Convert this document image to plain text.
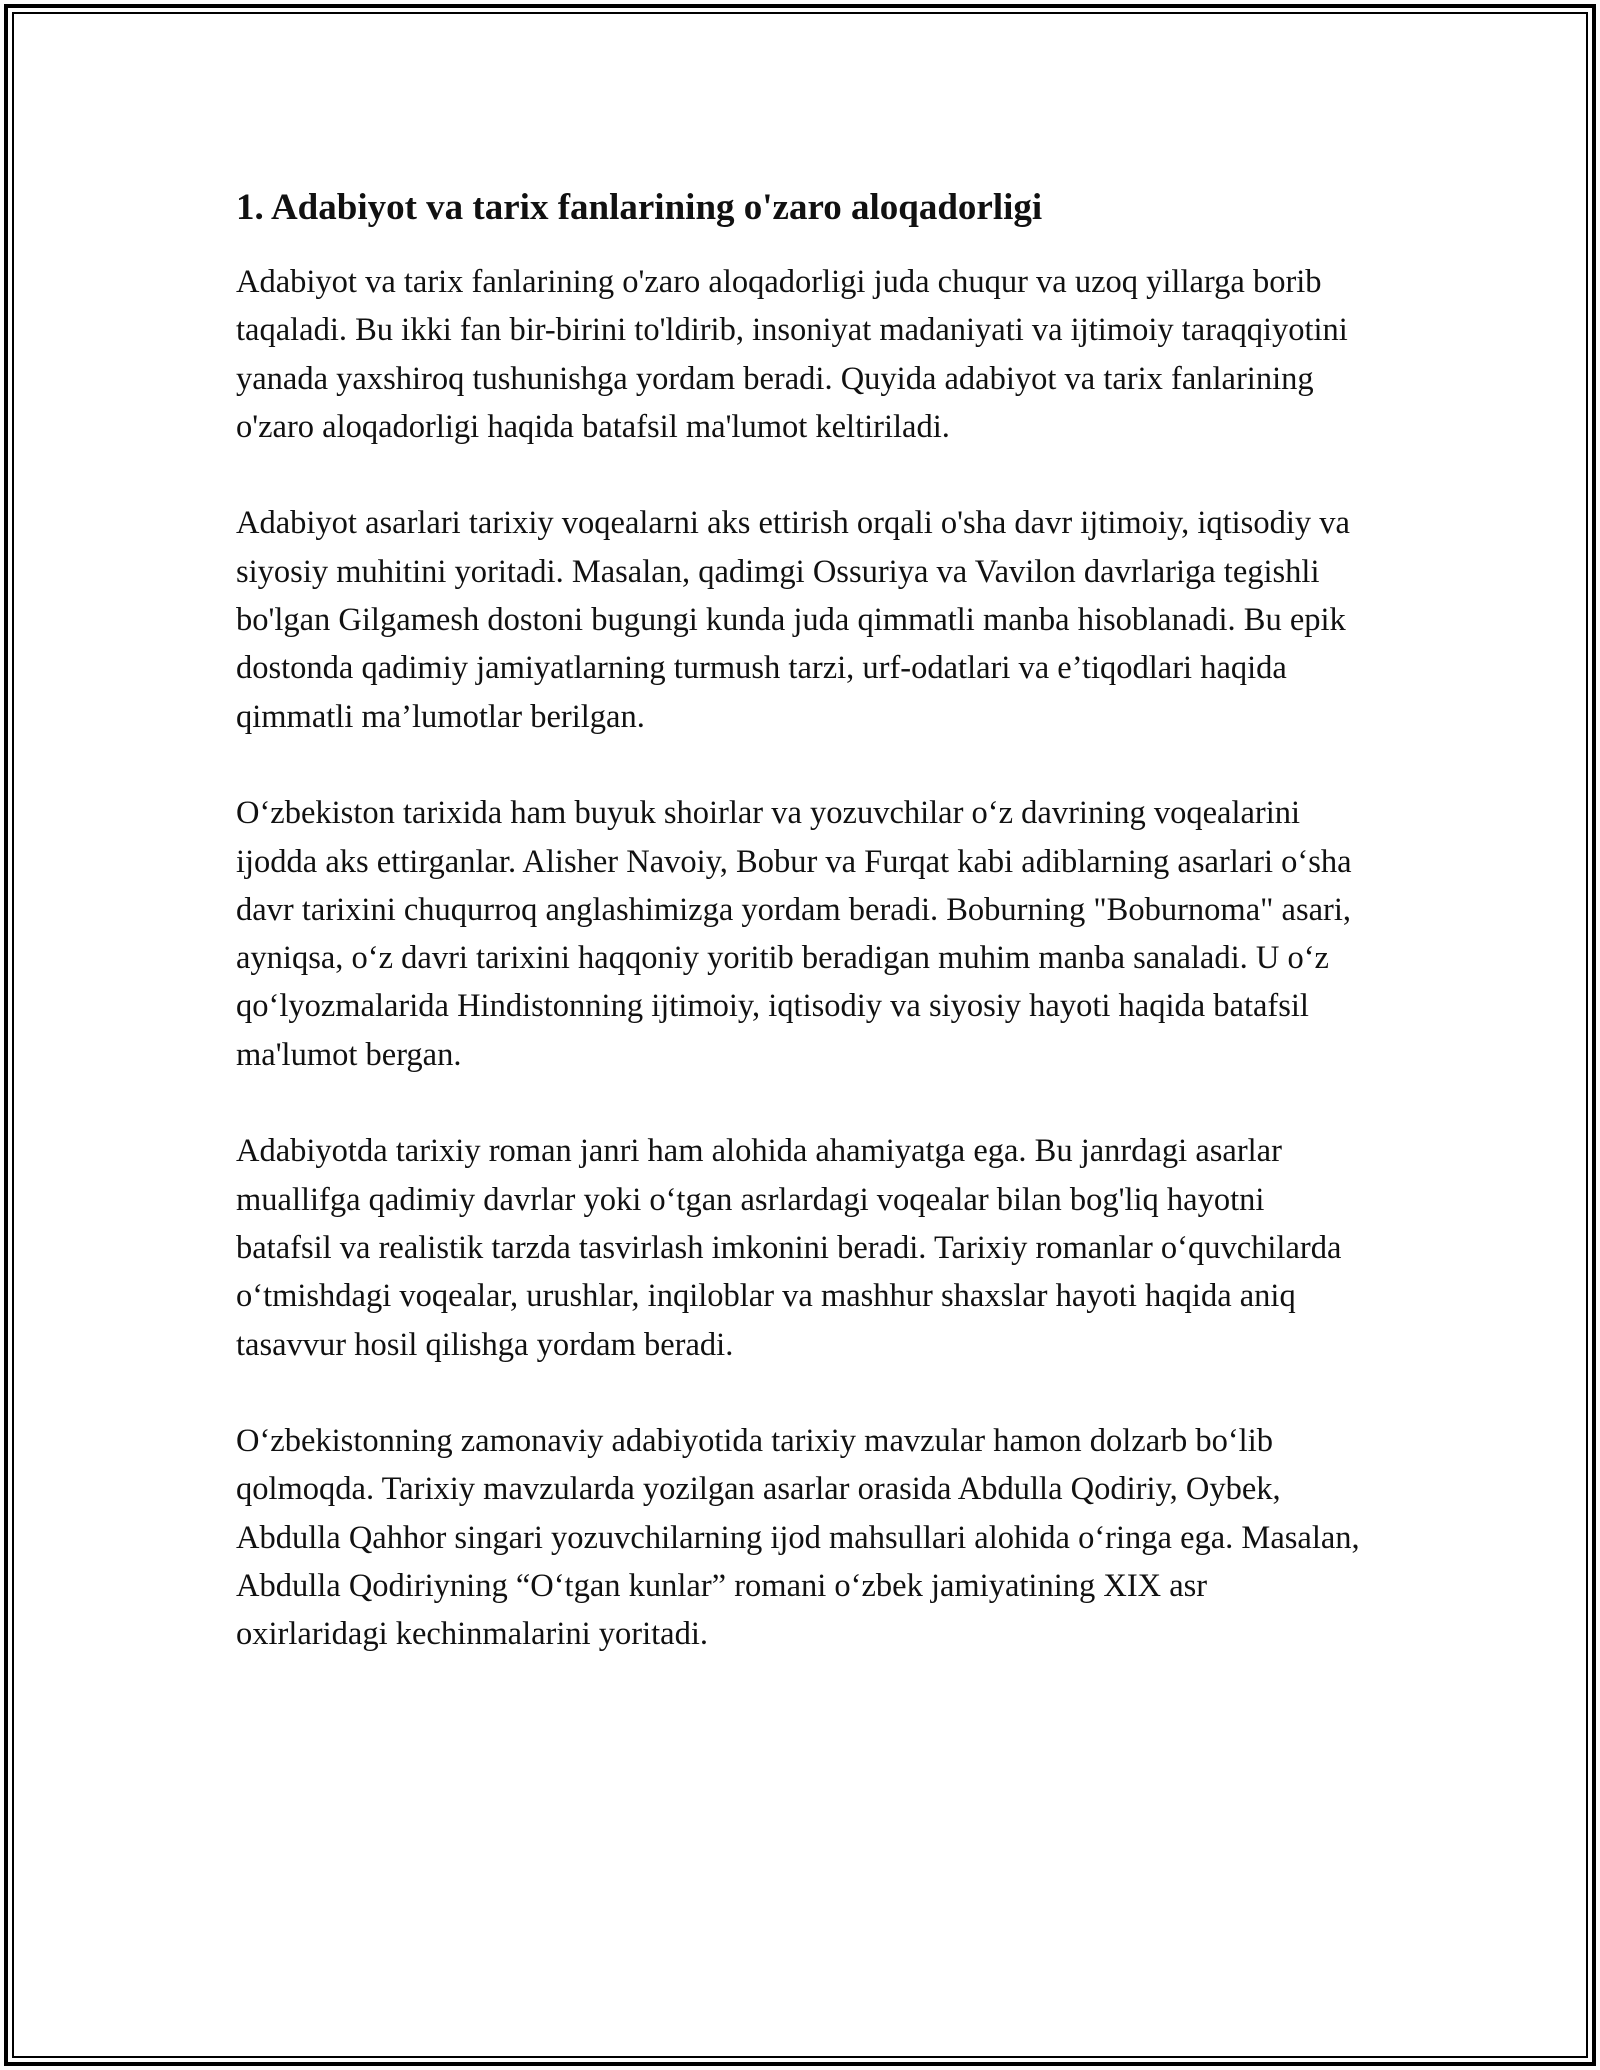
1. Adabiyot va tarix fanlarining o'zaro aloqadorligi

Adabiyot va tarix fanlarining o'zaro aloqadorligi juda chuqur va uzoq yillarga borib taqaladi. Bu ikki fan bir-birini to'ldirib, insoniyat madaniyati va ijtimoiy taraqqiyotini yanada yaxshiroq tushunishga yordam beradi. Quyida adabiyot va tarix fanlarining o'zaro aloqadorligi haqida batafsil ma'lumot keltiriladi.

Adabiyot asarlari tarixiy voqealarni aks ettirish orqali o'sha davr ijtimoiy, iqtisodiy va siyosiy muhitini yoritadi. Masalan, qadimgi Ossuriya va Vavilon davrlariga tegishli bo'lgan Gilgamesh dostoni bugungi kunda juda qimmatli manba hisoblanadi. Bu epik dostonda qadimiy jamiyatlarning turmush tarzi, urf-odatlari va e’tiqodlari haqida qimmatli ma’lumotlar berilgan.

O‘zbekiston tarixida ham buyuk shoirlar va yozuvchilar o‘z davrining voqealarini ijodda aks ettirganlar. Alisher Navoiy, Bobur va Furqat kabi adiblarning asarlari o‘sha davr tarixini chuqurroq anglashimizga yordam beradi. Boburning "Boburnoma" asari, ayniqsa, o‘z davri tarixini haqqoniy yoritib beradigan muhim manba sanaladi. U o‘z qo‘lyozmalarida Hindistonning ijtimoiy, iqtisodiy va siyosiy hayoti haqida batafsil ma'lumot bergan.

Adabiyotda tarixiy roman janri ham alohida ahamiyatga ega. Bu janrdagi asarlar muallifga qadimiy davrlar yoki o‘tgan asrlardagi voqealar bilan bog'liq hayotni batafsil va realistik tarzda tasvirlash imkonini beradi. Tarixiy romanlar o‘quvchilarda o‘tmishdagi voqealar, urushlar, inqiloblar va mashhur shaxslar hayoti haqida aniq tasavvur hosil qilishga yordam beradi.

O‘zbekistonning zamonaviy adabiyotida tarixiy mavzular hamon dolzarb bo‘lib qolmoqda. Tarixiy mavzularda yozilgan asarlar orasida Abdulla Qodiriy, Oybek, Abdulla Qahhor singari yozuvchilarning ijod mahsullari alohida o‘ringa ega. Masalan, Abdulla Qodiriyning “O‘tgan kunlar” romani o‘zbek jamiyatining XIX asr oxirlaridagi kechinmalarini yoritadi.
